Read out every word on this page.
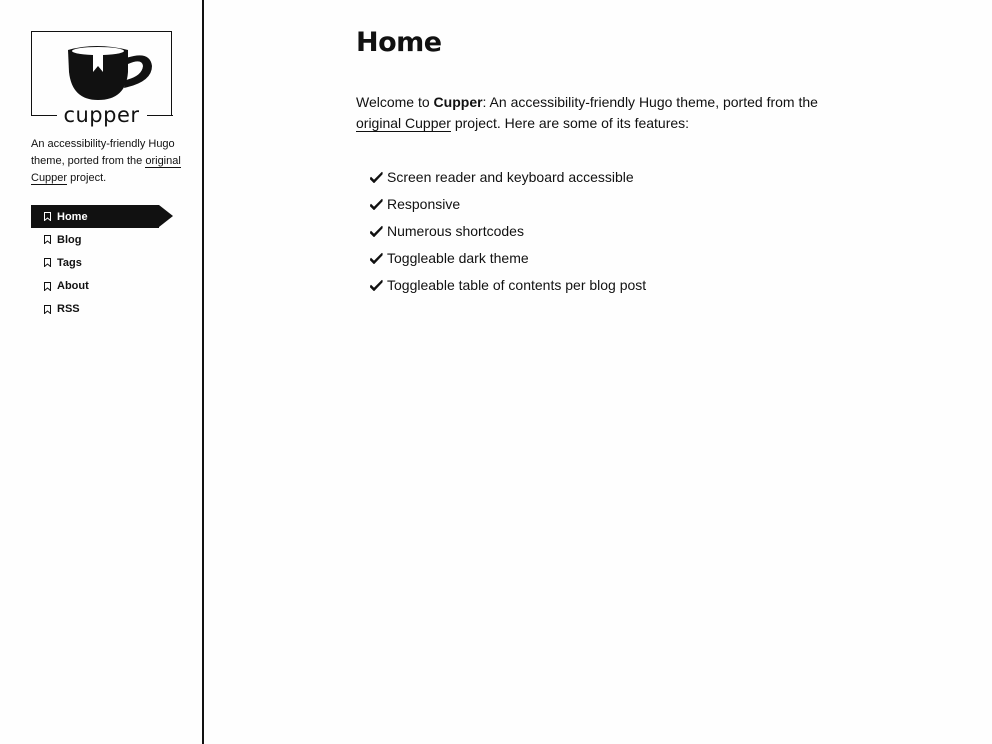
cupper

An accessibility-friendly Hugo theme, ported from the original Cupper project.

Home
Blog
Tags
About
RSS
Home

Welcome to Cupper: An accessibility-friendly Hugo theme, ported from the original Cupper project. Here are some of its features:

Screen reader and keyboard accessible
Responsive
Numerous shortcodes
Toggleable dark theme
Toggleable table of contents per blog post
